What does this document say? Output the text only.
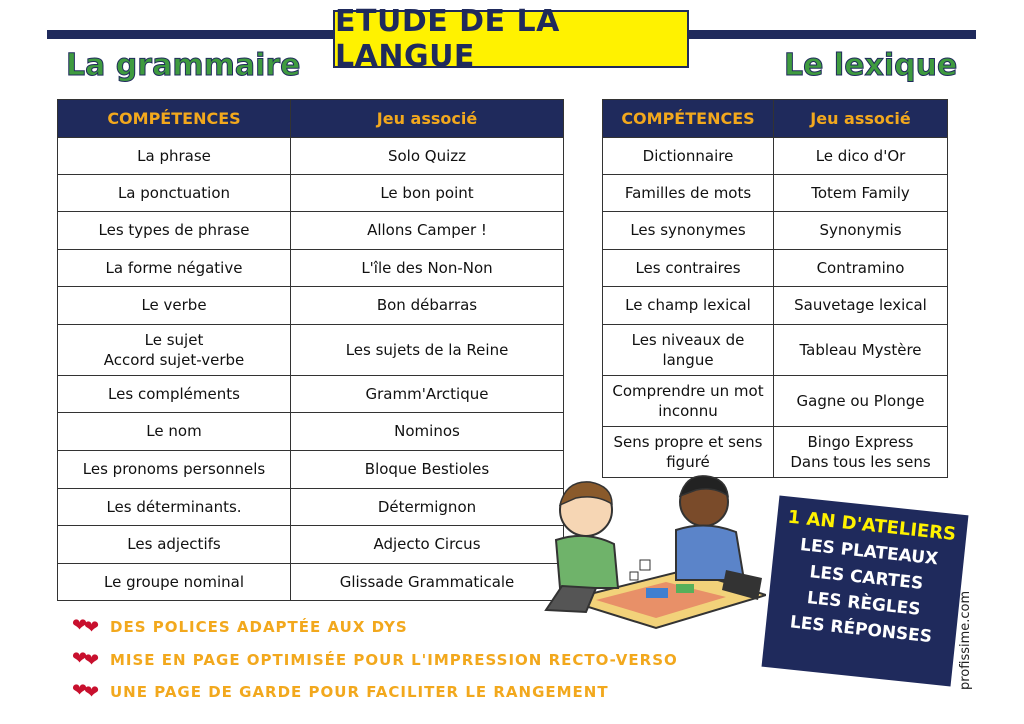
ETUDE DE LA LANGUE
La grammaire	Le lexique
COMPÉTENCES	Jeu associé
La phrase	Solo Quizz
La ponctuation	Le bon point
Les types de phrase	Allons Camper !
La forme négative	L'île des Non-Non
Le verbe	Bon débarras
Le sujet
Accord sujet-verbe	Les sujets de la Reine
Les compléments	Gramm'Arctique
Le nom	Nominos
Les pronoms personnels	Bloque Bestioles
Les déterminants.	Détermignon
Les adjectifs	Adjecto Circus
Le groupe nominal	Glissade Grammaticale
COMPÉTENCES	Jeu associé
Dictionnaire	Le dico d'Or
Familles de mots	Totem Family
Les synonymes	Synonymis
Les contraires	Contramino
Le champ lexical	Sauvetage lexical
Les niveaux de
langue	Tableau Mystère
Comprendre un mot
inconnu	Gagne ou Plonge
Sens propre et sens
figuré	Bingo Express
Dans tous les sens
❤
❤ DES POLICES ADAPTÉE AUX DYS
❤
❤ MISE EN PAGE OPTIMISÉE POUR L'IMPRESSION RECTO-VERSO
❤
❤ UNE PAGE DE GARDE POUR FACILITER LE RANGEMENT
1 AN D'ATELIERS
LES PLATEAUX
LES CARTES
LES RÈGLES
LES RÉPONSES	profissime.com
